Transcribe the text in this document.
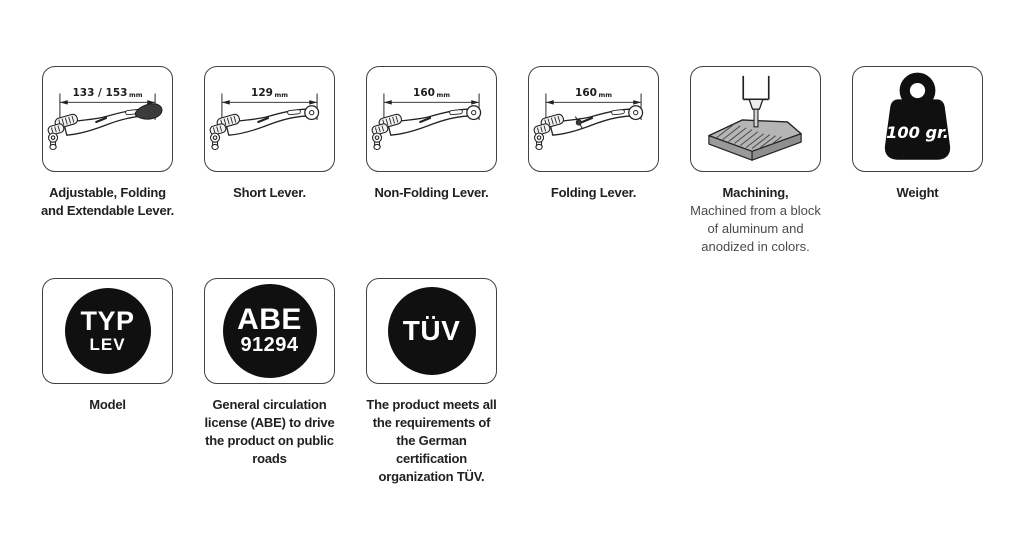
133 / 153 mm
Adjustable, Folding
and Extendable Lever.
129 mm
Short Lever.
160 mm
Non-Folding Lever.
160 mm
Folding Lever.	Machining,
Machined from a block
of aluminum and
anodized in colors.
100 gr.
Weight
TYP
LEV
Model
ABE
91294
General circulation
license (ABE) to drive
the product on public
roads
TÜV
The product meets all
the requirements of
the German
certification
organization TÜV.
